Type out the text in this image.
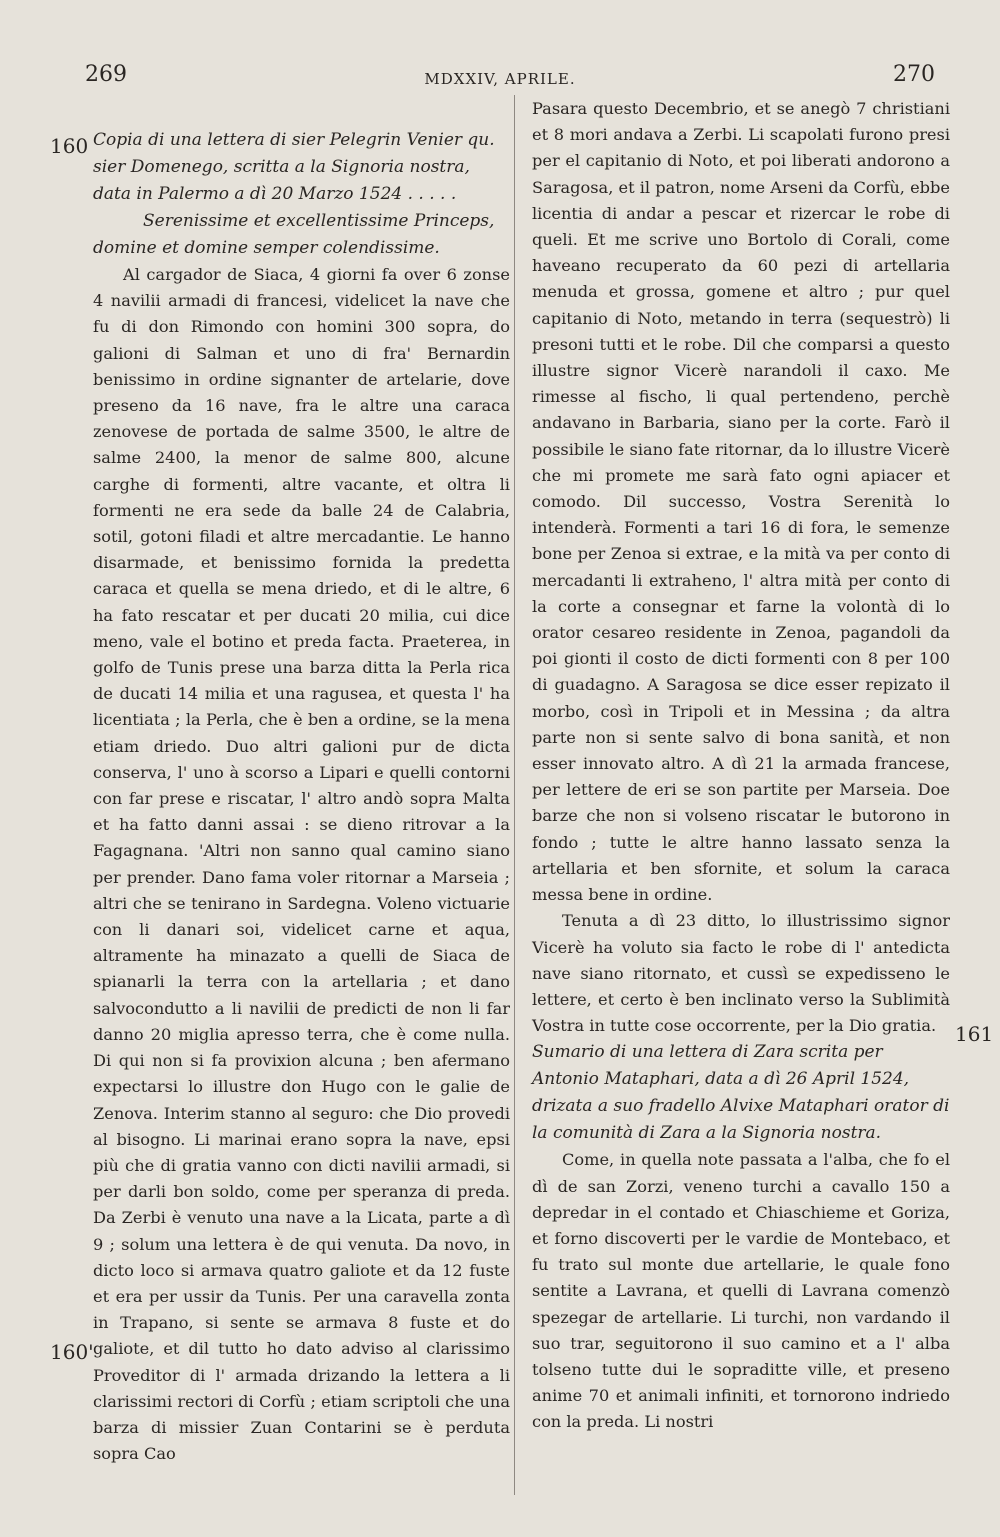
269	MDXXIV, APRILE.	270
160
160'
161

Copia di una lettera di sier Pelegrin Venier qu. sier Domenego, scritta a la Signoria nostra, data in Palermo a dì 20 Marzo 1524 . . . . .

Serenissime et excellentissime Princeps, domine et domine semper colendissime.

Al cargador de Siaca, 4 giorni fa over 6 zonse 4 navilii armadi di francesi, videlicet la nave che fu di don Rimondo con homini 300 sopra, do galioni di Salman et uno di fra' Bernardin benissimo in ordine signanter de artelarie, dove preseno da 16 nave, fra le altre una caraca zenovese de portada de salme 3500, le altre de salme 2400, la menor de salme 800, alcune carghe di formenti, altre vacante, et oltra li formenti ne era sede da balle 24 de Calabria, sotil, gotoni filadi et altre mercadantie. Le hanno disarmade, et benissimo fornida la predetta caraca et quella se mena driedo, et di le altre, 6 ha fato rescatar et per ducati 20 milia, cui dice meno, vale el botino et preda facta. Praeterea, in golfo de Tunis prese una barza ditta la Perla rica de ducati 14 milia et una ragusea, et questa l' ha licentiata ; la Perla, che è ben a ordine, se la mena etiam driedo. Duo altri galioni pur de dicta conserva, l' uno à scorso a Lipari e quelli contorni con far prese e riscatar, l' altro andò sopra Malta et ha fatto danni assai : se dieno ritrovar a la Fagagnana. 'Altri non sanno qual camino siano per prender. Dano fama voler ritornar a Marseia ; altri che se tenirano in Sardegna. Voleno victuarie con li danari soi, videlicet carne et aqua, altramente ha minazato a quelli de Siaca de spianarli la terra con la artellaria ; et dano salvocondutto a li navilii de predicti de non li far danno 20 miglia apresso terra, che è come nulla. Di qui non si fa provixion alcuna ; ben afermano expectarsi lo illustre don Hugo con le galie de Zenova. Interim stanno al seguro: che Dio provedi al bisogno. Li marinai erano sopra la nave, epsi più che di gratia vanno con dicti navilii armadi, si per darli bon soldo, come per speranza di preda. Da Zerbi è venuto una nave a la Licata, parte a dì 9 ; solum una lettera è de qui venuta. Da novo, in dicto loco si armava quatro galiote et da 12 fuste et era per ussir da Tunis. Per una caravella zonta in Trapano, si sente se armava 8 fuste et do galiote, et dil tutto ho dato adviso al clarissimo Proveditor di l' armada drizando la lettera a li clarissimi rectori di Corfù ; etiam scriptoli che una barza di missier Zuan Contarini se è perduta sopra Cao

Pasara questo Decembrio, et se anegò 7 christiani et 8 mori andava a Zerbi. Li scapolati furono presi per el capitanio di Noto, et poi liberati andorono a Saragosa, et il patron, nome Arseni da Corfù, ebbe licentia di andar a pescar et rizercar le robe di queli. Et me scrive uno Bortolo di Corali, come haveano recuperato da 60 pezi di artellaria menuda et grossa, gomene et altro ; pur quel capitanio di Noto, metando in terra (sequestrò) li presoni tutti et le robe. Dil che comparsi a questo illustre signor Vicerè narandoli il caxo. Me rimesse al fischo, li qual pertendeno, perchè andavano in Barbaria, siano per la corte. Farò il possibile le siano fate ritornar, da lo illustre Vicerè che mi promete me sarà fato ogni apiacer et comodo. Dil successo, Vostra Serenità lo intenderà. Formenti a tari 16 di fora, le semenze bone per Zenoa si extrae, e la mità va per conto di mercadanti li extraheno, l' altra mità per conto di la corte a consegnar et farne la volontà di lo orator cesareo residente in Zenoa, pagandoli da poi gionti il costo de dicti formenti con 8 per 100 di guadagno. A Saragosa se dice esser repizato il morbo, così in Tripoli et in Messina ; da altra parte non si sente salvo di bona sanità, et non esser innovato altro. A dì 21 la armada francese, per lettere de eri se son partite per Marseia. Doe barze che non si volseno riscatar le butorono in fondo ; tutte le altre hanno lassato senza la artellaria et ben sfornite, et solum la caraca messa bene in ordine.

Tenuta a dì 23 ditto, lo illustrissimo signor Vicerè ha voluto sia facto le robe di l' antedicta nave siano ritornato, et cussì se expedisseno le lettere, et certo è ben inclinato verso la Sublimità Vostra in tutte cose occorrente, per la Dio gratia.

Sumario di una lettera di Zara scrita per Antonio Mataphari, data a dì 26 April 1524, drizata a suo fradello Alvixe Mataphari orator di la comunità di Zara a la Signoria nostra.

Come, in quella note passata a l'alba, che fo el dì de san Zorzi, veneno turchi a cavallo 150 a depredar in el contado et Chiaschieme et Goriza, et forno discoverti per le vardie de Montebaco, et fu trato sul monte due artellarie, le quale fono sentite a Lavrana, et quelli di Lavrana comenzò spezegar de artellarie. Li turchi, non vardando il suo trar, seguitorono il suo camino et a l' alba tolseno tutte dui le sopraditte ville, et preseno anime 70 et animali infiniti, et tornorono indriedo con la preda. Li nostri
